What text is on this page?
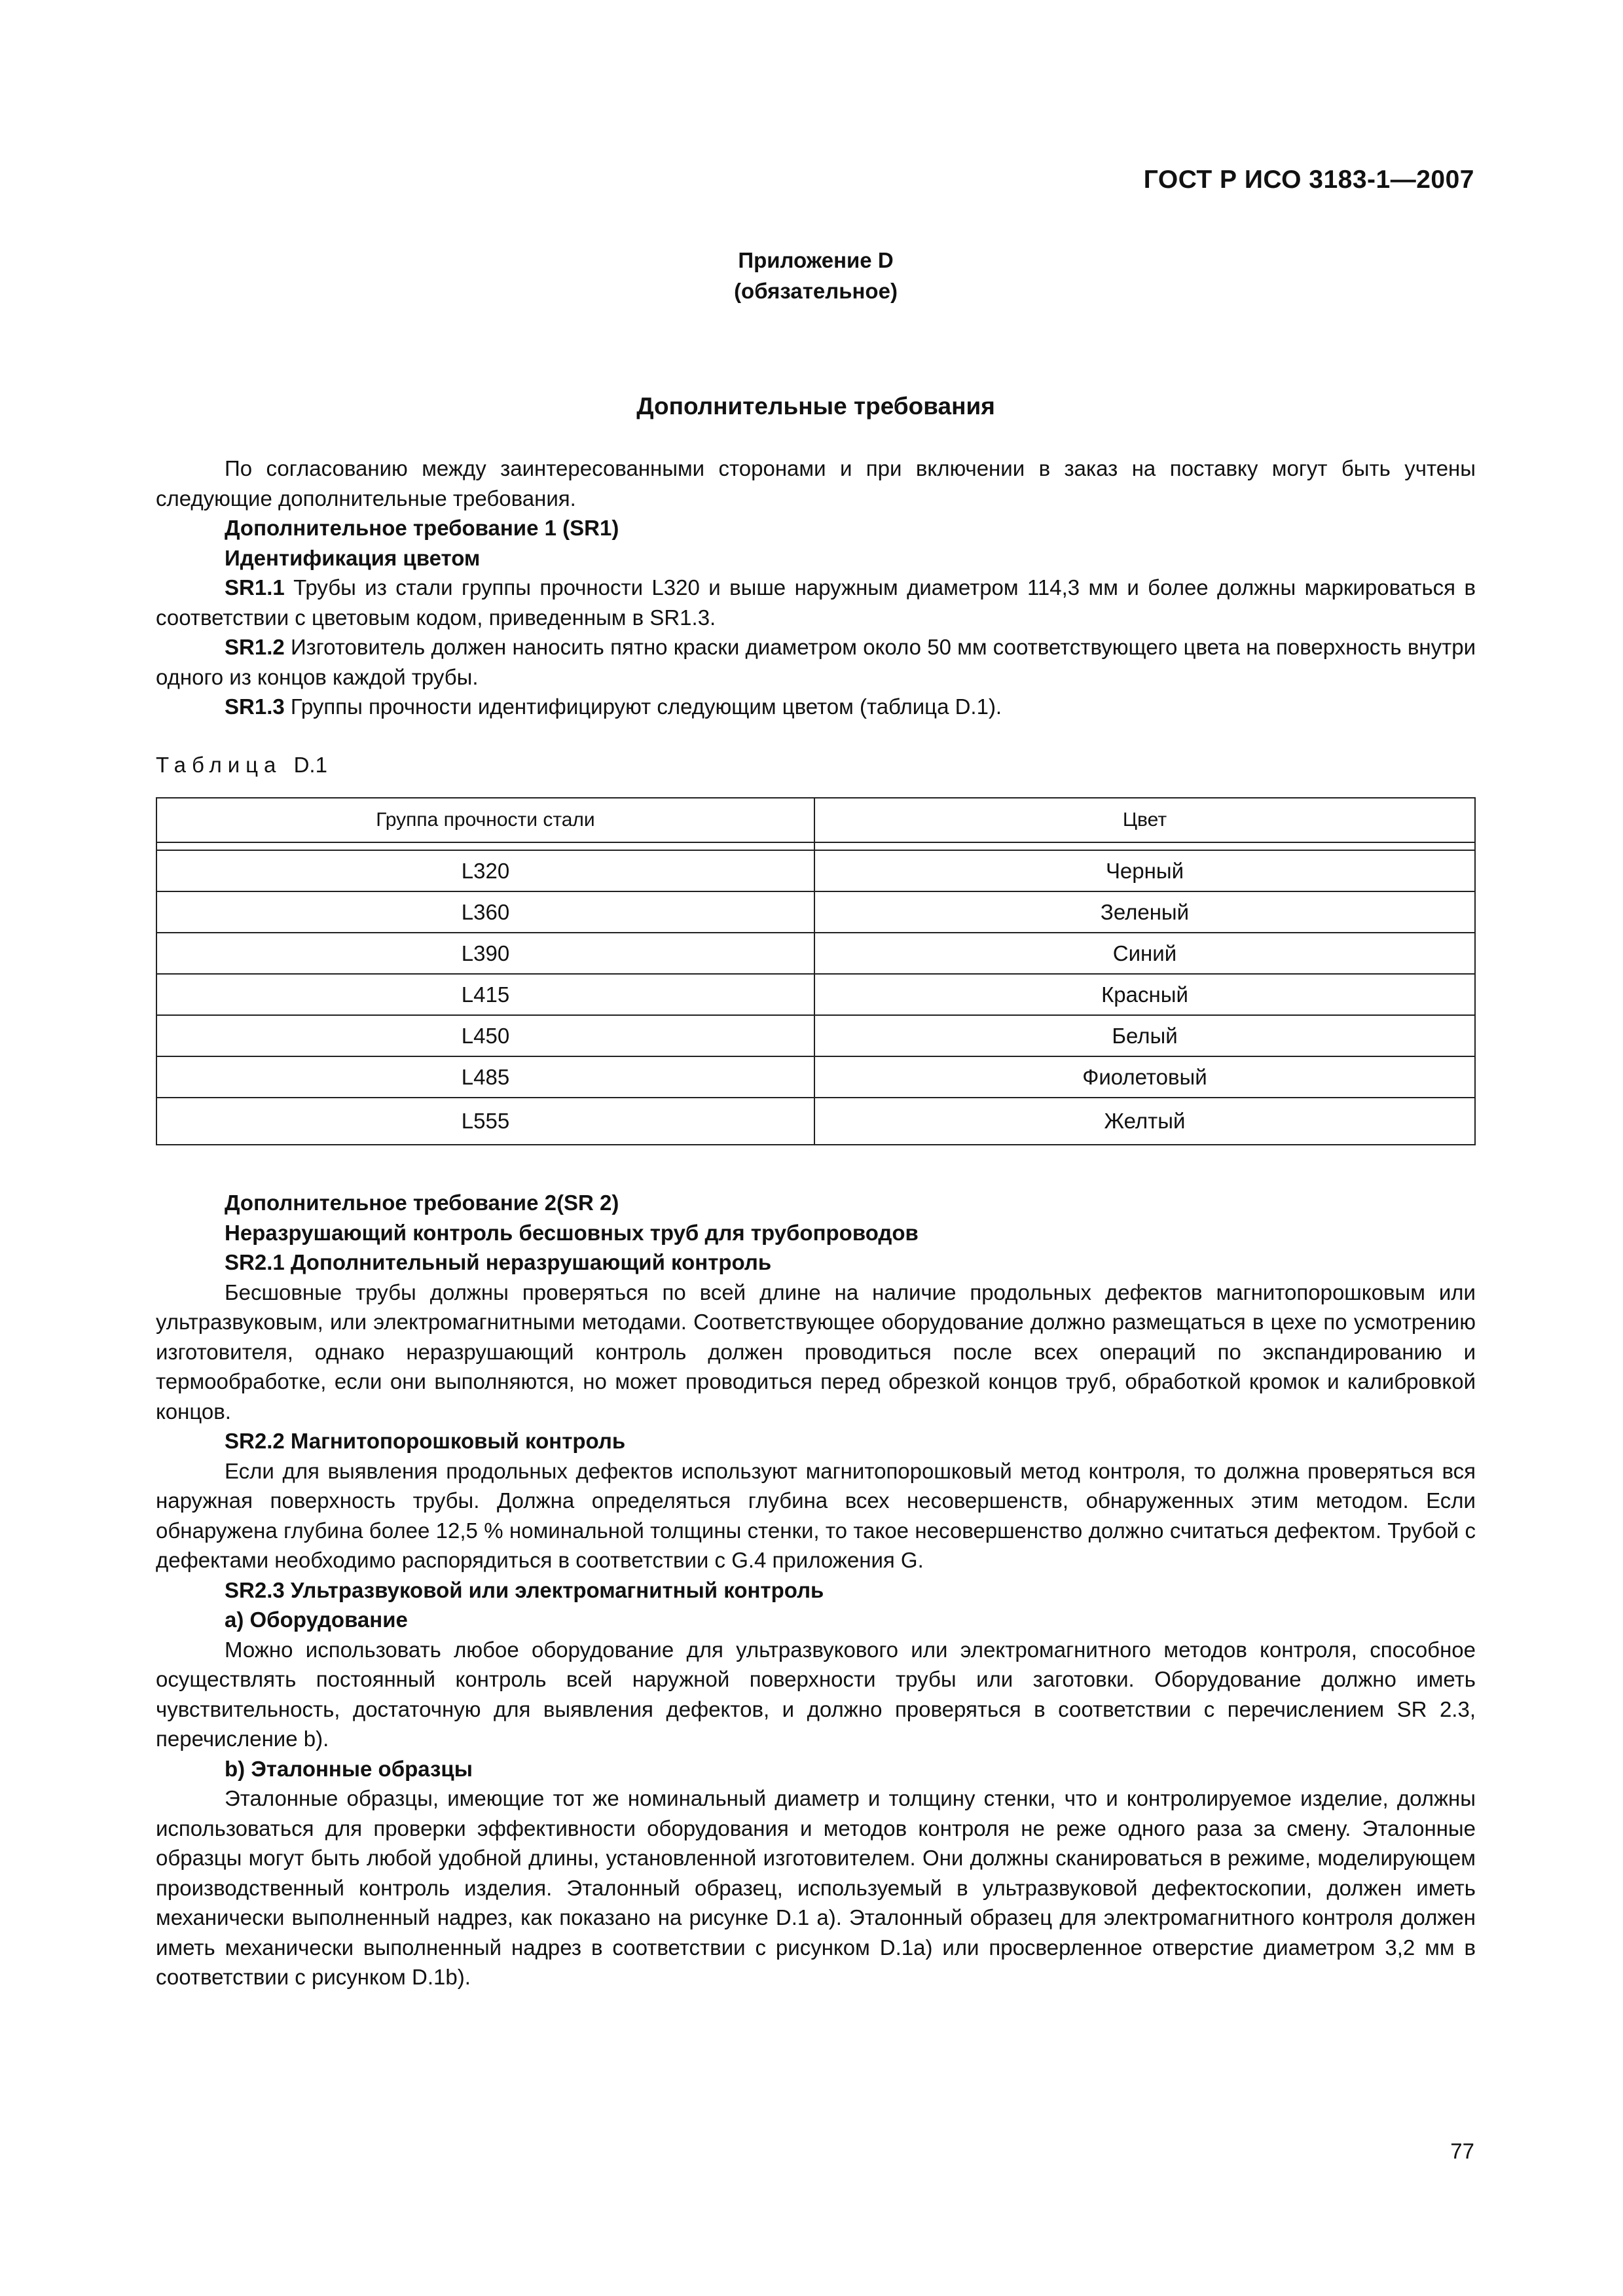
ГОСТ Р ИСО 3183-1—2007
Приложение D
(обязательное)
Дополнительные требования

По согласованию между заинтересованными сторонами и при включении в заказ на поставку могут быть учтены следующие дополнительные требования.

Дополнительное требование 1 (SR1)

Идентификация цветом

SR1.1 Трубы из стали группы прочности L320 и выше наружным диаметром 114,3 мм и более должны маркироваться в соответствии с цветовым кодом, приведенным в SR1.3.

SR1.2 Изготовитель должен наносить пятно краски диаметром около 50 мм соответствующего цвета на поверхность внутри одного из концов каждой трубы.

SR1.3 Группы прочности идентифицируют следующим цветом (таблица D.1).

Таблица D.1
Группа прочности стали	Цвет

L320	Черный
L360	Зеленый
L390	Синий
L415	Красный
L450	Белый
L485	Фиолетовый
L555	Желтый

Дополнительное требование 2(SR 2)

Неразрушающий контроль бесшовных труб для трубопроводов

SR2.1 Дополнительный неразрушающий контроль

Бесшовные трубы должны проверяться по всей длине на наличие продольных дефектов магнитопорошковым или ультразвуковым, или электромагнитными методами. Соответствующее оборудование должно размещаться в цехе по усмотрению изготовителя, однако неразрушающий контроль должен проводиться после всех операций по экспандированию и термообработке, если они выполняются, но может проводиться перед обрезкой концов труб, обработкой кромок и калибровкой концов.

SR2.2 Магнитопорошковый контроль

Если для выявления продольных дефектов используют магнитопорошковый метод контроля, то должна проверяться вся наружная поверхность трубы. Должна определяться глубина всех несовершенств, обнаруженных этим методом. Если обнаружена глубина более 12,5 % номинальной толщины стенки, то такое несовершенство должно считаться дефектом. Трубой с дефектами необходимо распорядиться в соответствии с G.4 приложения G.

SR2.3 Ультразвуковой или электромагнитный контроль

a) Оборудование

Можно использовать любое оборудование для ультразвукового или электромагнитного методов контроля, способное осуществлять постоянный контроль всей наружной поверхности трубы или заготовки. Оборудование должно иметь чувствительность, достаточную для выявления дефектов, и должно проверяться в соответствии с перечислением SR 2.3, перечисление b).

b) Эталонные образцы

Эталонные образцы, имеющие тот же номинальный диаметр и толщину стенки, что и контролируемое изделие, должны использоваться для проверки эффективности оборудования и методов контроля не реже одного раза за смену. Эталонные образцы могут быть любой удобной длины, установленной изготовителем. Они должны сканироваться в режиме, моделирующем производственный контроль изделия. Эталонный образец, используемый в ультразвуковой дефектоскопии, должен иметь механически выполненный надрез, как показано на рисунке D.1 a). Эталонный образец для электромагнитного контроля должен иметь механически выполненный надрез в соответствии с рисунком D.1a) или просверленное отверстие диаметром 3,2 мм в соответствии с рисунком D.1b).

77
